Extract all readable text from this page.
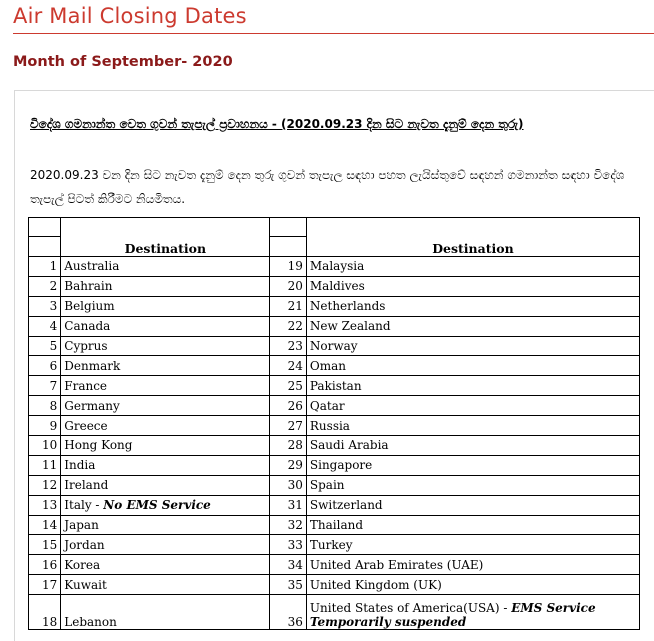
Air Mail Closing Dates
Month of September- 2020
විදේශ ගමනාන්ත වෙත ගුවන් තැපැල් ප්‍රවාහනය - (2020.09.23 දින සිට නැවත දැනුම් දෙන තුරු)
2020.09.23 වන දින සිට නැවත දැනුම් දෙන තුරු ගුවන් තැපැල සඳහා පහත ලැයිස්තුවේ සඳහන් ගමනාන්ත සඳහා විදේශ තැපැල් පිටත් කිරීමට නියමිතය.
	Destination		Destination

1	Australia	19	Malaysia
2	Bahrain	20	Maldives
3	Belgium	21	Netherlands
4	Canada	22	New Zealand
5	Cyprus	23	Norway
6	Denmark	24	Oman
7	France	25	Pakistan
8	Germany	26	Qatar
9	Greece	27	Russia
10	Hong Kong	28	Saudi Arabia
11	India	29	Singapore
12	Ireland	30	Spain
13	Italy - No EMS Service	31	Switzerland
14	Japan	32	Thailand
15	Jordan	33	Turkey
16	Korea	34	United Arab Emirates (UAE)
17	Kuwait	35	United Kingdom (UK)
18	Lebanon	36	United States of America(USA) - EMS Service Temporarily suspended
